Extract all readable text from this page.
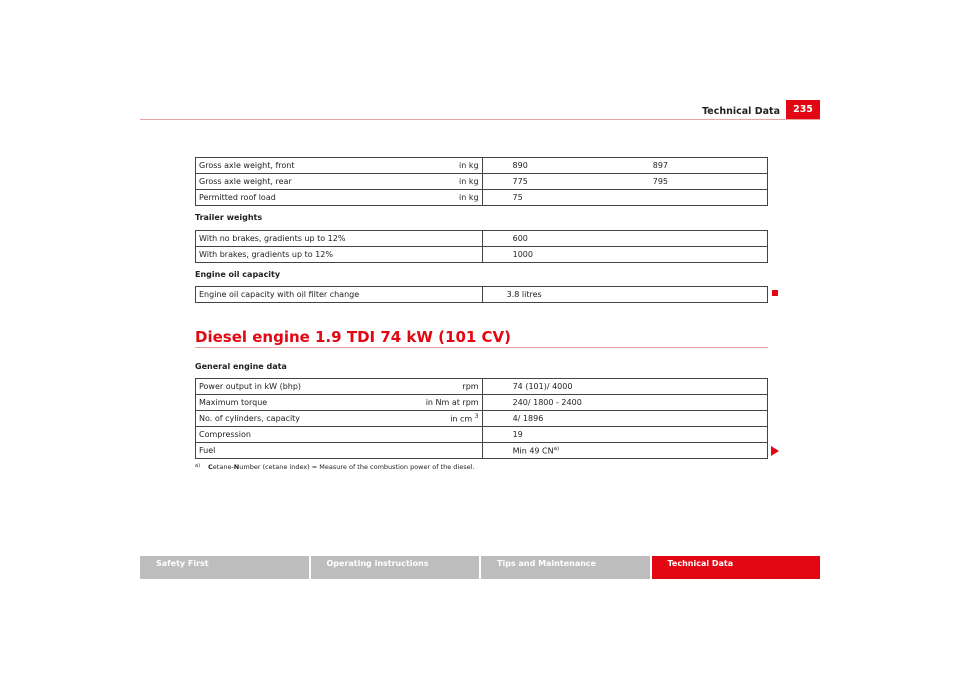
Technical Data	235
Gross axle weight, front	in kg	890	897
Gross axle weight, rear	in kg	775	795
Permitted roof load	in kg	75	
Trailer weights
With no brakes, gradients up to 12%	600
With brakes, gradients up to 12%	1000
Engine oil capacity
Engine oil capacity with oil filter change	3.8 litres
Diesel engine 1.9 TDI 74 kW (101 CV)
General engine data
Power output in kW (bhp)	rpm	74 (101)/ 4000
Maximum torque	in Nm at rpm	240/ 1800 - 2400
No. of cylinders, capacity	in cm $^3$	4/ 1896
Compression		19
Fuel		Min 49 CN$^{a)}$
$^{a)}$ Cetane-Number (cetane index) = Measure of the combustion power of the diesel.
Safety First	Operating instructions	Tips and Maintenance	Technical Data
